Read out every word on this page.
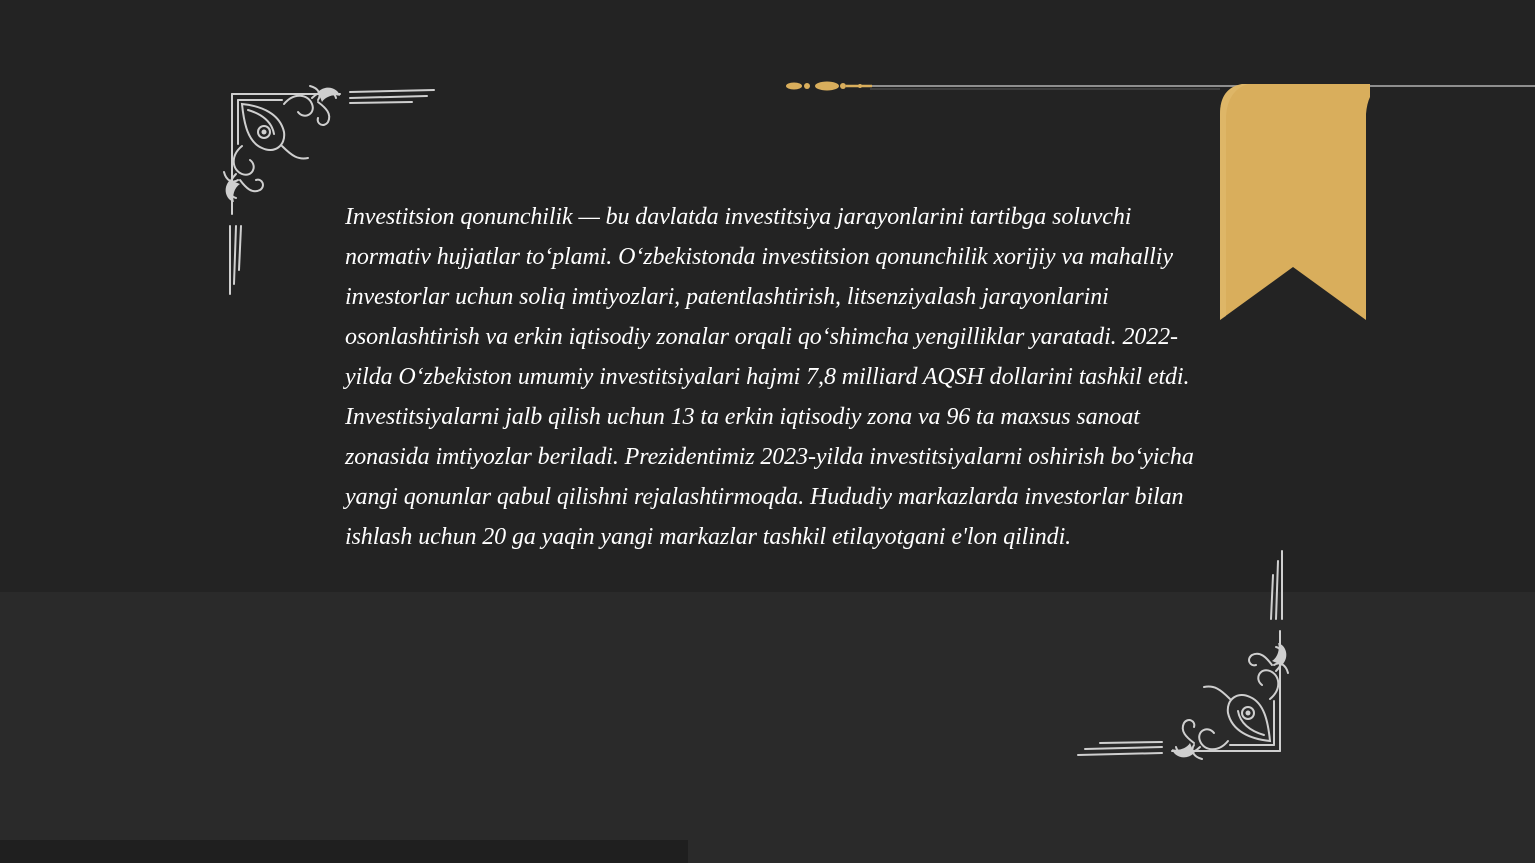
Investitsion qonunchilik — bu davlatda investitsiya jarayonlarini tartibga soluvchi normativ hujjatlar to‘plami. O‘zbekistonda investitsion qonunchilik xorijiy va mahalliy investorlar uchun soliq imtiyozlari, patentlashtirish, litsenziyalash jarayonlarini osonlashtirish va erkin iqtisodiy zonalar orqali qo‘shimcha yengilliklar yaratadi. 2022-yilda O‘zbekiston umumiy investitsiyalari hajmi 7,8 milliard AQSH dollarini tashkil etdi. Investitsiyalarni jalb qilish uchun 13 ta erkin iqtisodiy zona va 96 ta maxsus sanoat zonasida imtiyozlar beriladi. Prezidentimiz 2023-yilda investitsiyalarni oshirish bo‘yicha yangi qonunlar qabul qilishni rejalashtirmoqda. Hududiy markazlarda investorlar bilan ishlash uchun 20 ga yaqin yangi markazlar tashkil etilayotgani e'lon qilindi.
